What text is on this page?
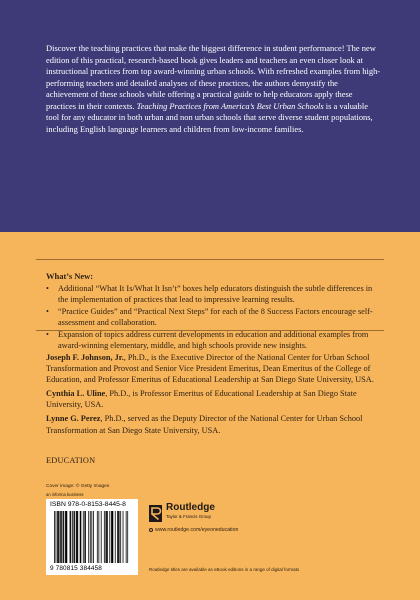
Discover the teaching practices that make the biggest difference in student performance! The new edition of this practical, research-based book gives leaders and teachers an even closer look at instructional practices from top award-winning urban schools. With refreshed examples from high-performing teachers and detailed analyses of these practices, the authors demystify the achievement of these schools while offering a practical guide to help educators apply these practices in their contexts. Teaching Practices from America’s Best Urban Schools is a valuable tool for any educator in both urban and non urban schools that serve diverse student populations, including English language learners and children from low-income families.

What’s New:
• Additional “What It Is/What It Isn’t” boxes help educators distinguish the subtle differences in the implementation of practices that lead to impressive learning results.
• “Practice Guides” and “Practical Next Steps” for each of the 8 Success Factors encourage self-assessment and collaboration.
• Expansion of topics address current developments in education and additional examples from award-winning elementary, middle, and high schools provide new insights.

Joseph F. Johnson, Jr., Ph.D., is the Executive Director of the National Center for Urban School Transformation and Provost and Senior Vice President Emeritus, Dean Emeritus of the College of Education, and Professor Emeritus of Educational Leadership at San Diego State University, USA.

Cynthia L. Uline, Ph.D., is Professor Emeritus of Educational Leadership at San Diego State University, USA.

Lynne G. Perez, Ph.D., served as the Deputy Director of the National Center for Urban School Transformation at San Diego State University, USA.

EDUCATION

Cover image: © Getty Images

an informa business

ISBN 978-0-8153-8445-8
9 780815 384458

Routledge

Taylor & Francis Group

www.routledge.com/eyeoneducation

Routledge titles are available as eBook editions in a range of digital formats
